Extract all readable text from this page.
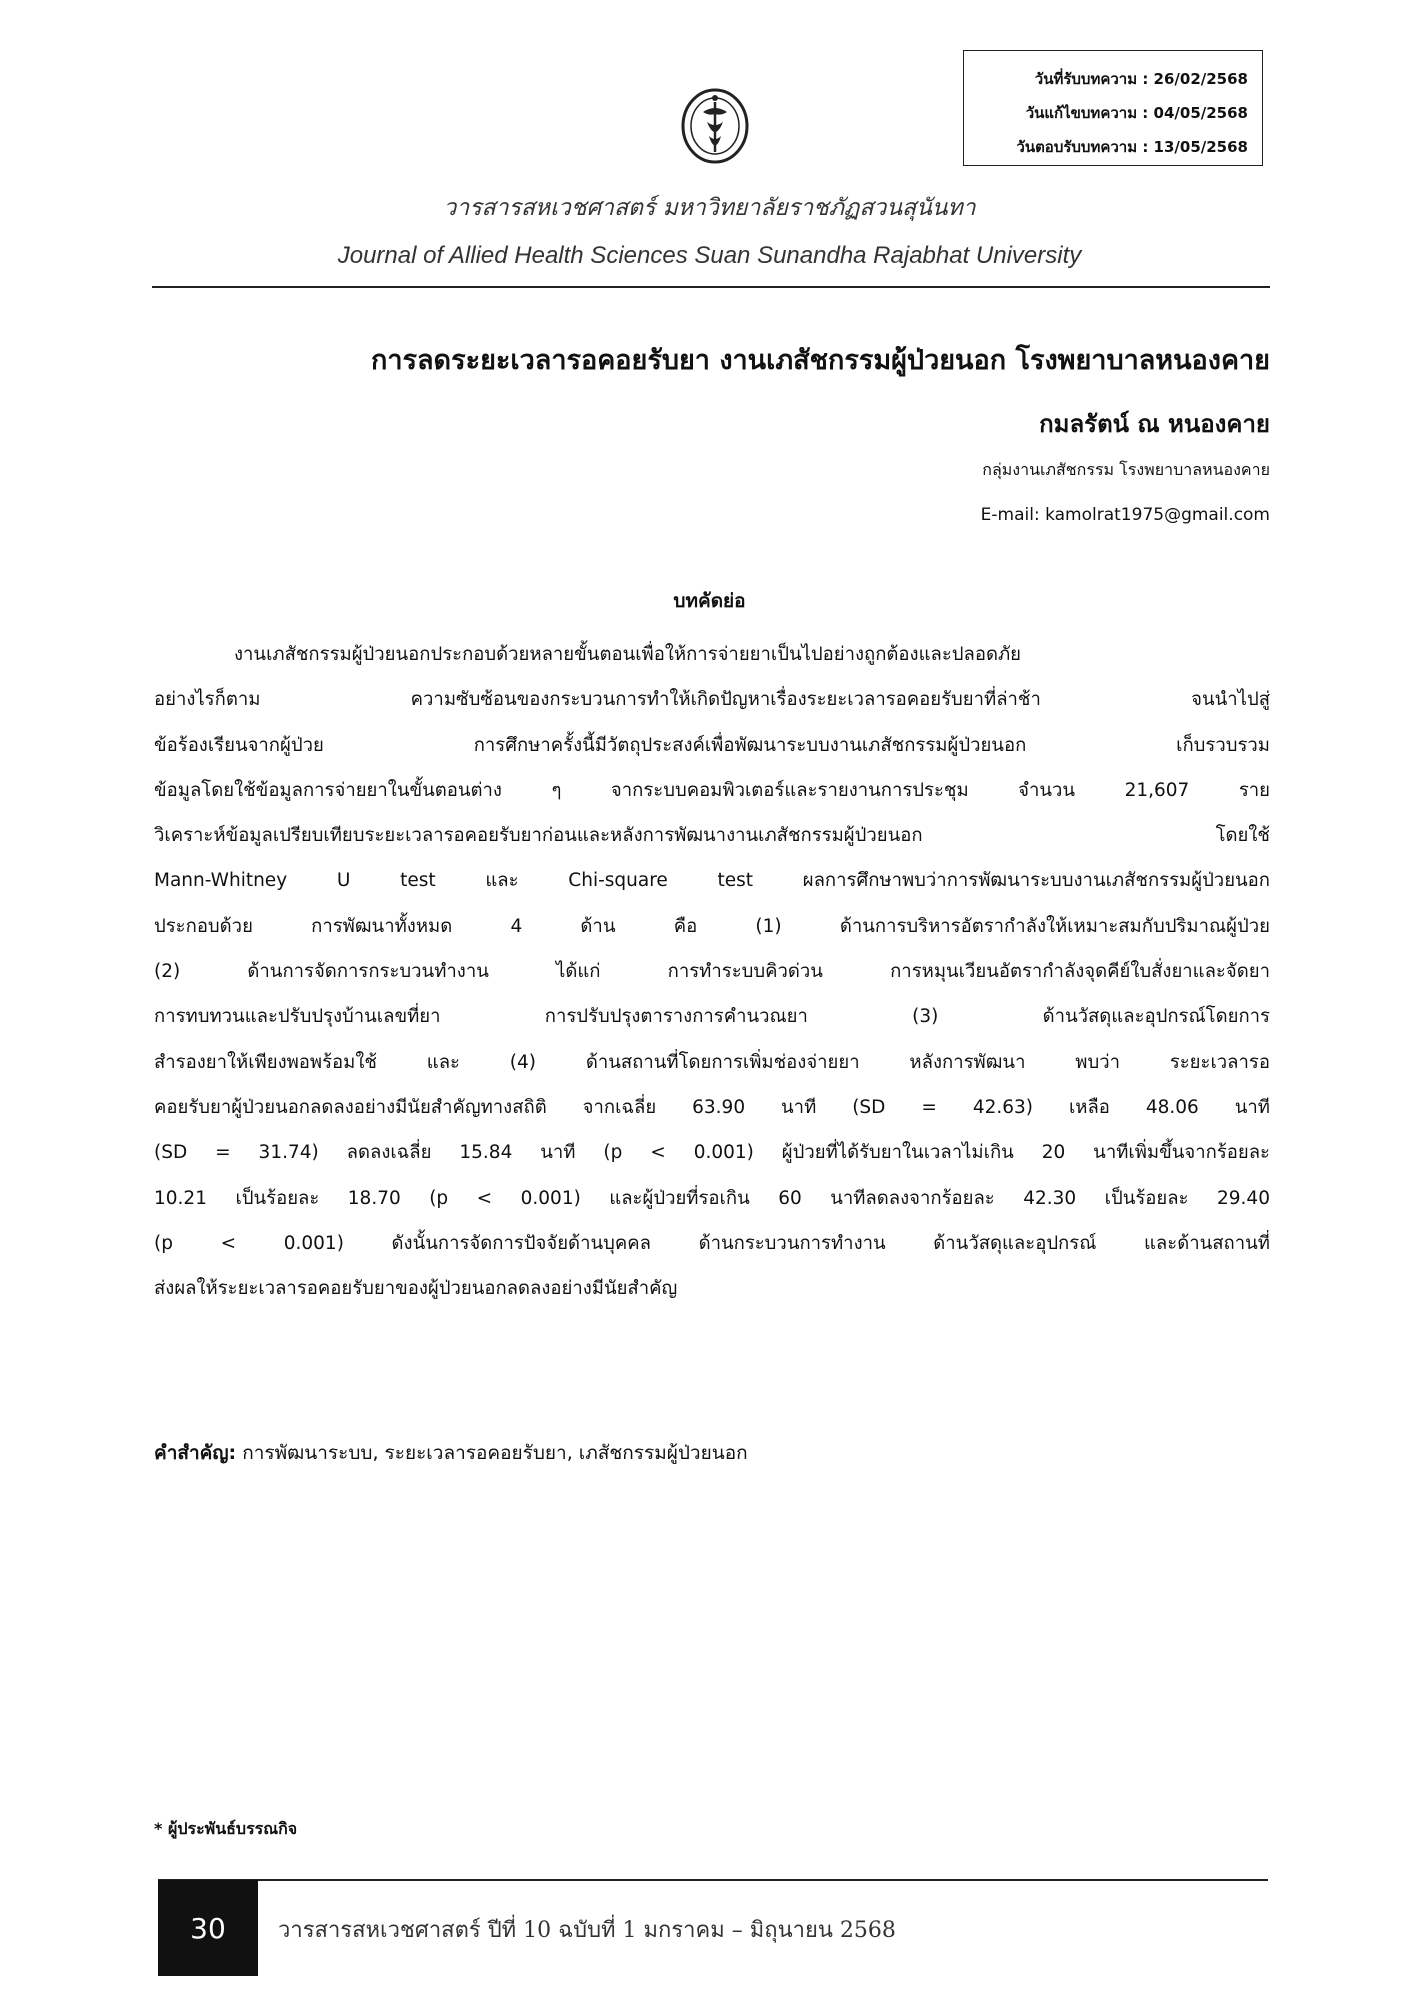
วันที่รับบทความ : 26/02/2568
วันแก้ไขบทความ : 04/05/2568
วันตอบรับบทความ : 13/05/2568
วารสารสหเวชศาสตร์ มหาวิทยาลัยราชภัฏสวนสุนันทา
Journal of Allied Health Sciences Suan Sunandha Rajabhat University
การลดระยะเวลารอคอยรับยา งานเภสัชกรรมผู้ป่วยนอก โรงพยาบาลหนองคาย
กมลรัตน์ ณ หนองคาย
กลุ่มงานเภสัชกรรม โรงพยาบาลหนองคาย
E-mail: kamolrat1975@gmail.com
บทคัดย่อ
งานเภสัชกรรมผู้ป่วยนอกประกอบด้วยหลายขั้นตอนเพื่อให้การจ่ายยาเป็นไปอย่างถูกต้องและปลอดภัย
อย่างไรก็ตาม	ความซับซ้อนของกระบวนการทำให้เกิดปัญหาเรื่องระยะเวลารอคอยรับยาที่ล่าช้า	จนนำไปสู่
ข้อร้องเรียนจากผู้ป่วย	การศึกษาครั้งนี้มีวัตถุประสงค์เพื่อพัฒนาระบบงานเภสัชกรรมผู้ป่วยนอก	เก็บรวบรวม
ข้อมูลโดยใช้ข้อมูลการจ่ายยาในขั้นตอนต่าง	ๆ	จากระบบคอมพิวเตอร์และรายงานการประชุม	จำนวน	21,607	ราย
วิเคราะห์ข้อมูลเปรียบเทียบระยะเวลารอคอยรับยาก่อนและหลังการพัฒนางานเภสัชกรรมผู้ป่วยนอก	โดยใช้
Mann-Whitney	U	test	และ	Chi-square	test	ผลการศึกษาพบว่าการพัฒนาระบบงานเภสัชกรรมผู้ป่วยนอก
ประกอบด้วย	การพัฒนาทั้งหมด	4	ด้าน	คือ	(1)	ด้านการบริหารอัตรากำลังให้เหมาะสมกับปริมาณผู้ป่วย
(2)	ด้านการจัดการกระบวนทำงาน	ได้แก่	การทำระบบคิวด่วน	การหมุนเวียนอัตรากำลังจุดคีย์ใบสั่งยาและจัดยา
การทบทวนและปรับปรุงบ้านเลขที่ยา	การปรับปรุงตารางการคำนวณยา	(3)	ด้านวัสดุและอุปกรณ์โดยการ
สำรองยาให้เพียงพอพร้อมใช้	และ	(4)	ด้านสถานที่โดยการเพิ่มช่องจ่ายยา	หลังการพัฒนา	พบว่า	ระยะเวลารอ
คอยรับยาผู้ป่วยนอกลดลงอย่างมีนัยสำคัญทางสถิติ จากเฉลี่ย 63.90 นาที (SD = 42.63) เหลือ 48.06 นาที
(SD = 31.74) ลดลงเฉลี่ย 15.84 นาที (p < 0.001) ผู้ป่วยที่ได้รับยาในเวลาไม่เกิน 20 นาทีเพิ่มขึ้นจากร้อยละ
10.21 เป็นร้อยละ 18.70 (p < 0.001) และผู้ป่วยที่รอเกิน 60 นาทีลดลงจากร้อยละ 42.30 เป็นร้อยละ 29.40
(p	<	0.001)	ดังนั้นการจัดการปัจจัยด้านบุคคล	ด้านกระบวนการทำงาน	ด้านวัสดุและอุปกรณ์	และด้านสถานที่
ส่งผลให้ระยะเวลารอคอยรับยาของผู้ป่วยนอกลดลงอย่างมีนัยสำคัญ
คำสำคัญ: การพัฒนาระบบ, ระยะเวลารอคอยรับยา, เภสัชกรรมผู้ป่วยนอก
* ผู้ประพันธ์บรรณกิจ
30	วารสารสหเวชศาสตร์ ปีที่ 10 ฉบับที่ 1 มกราคม – มิถุนายน 2568
